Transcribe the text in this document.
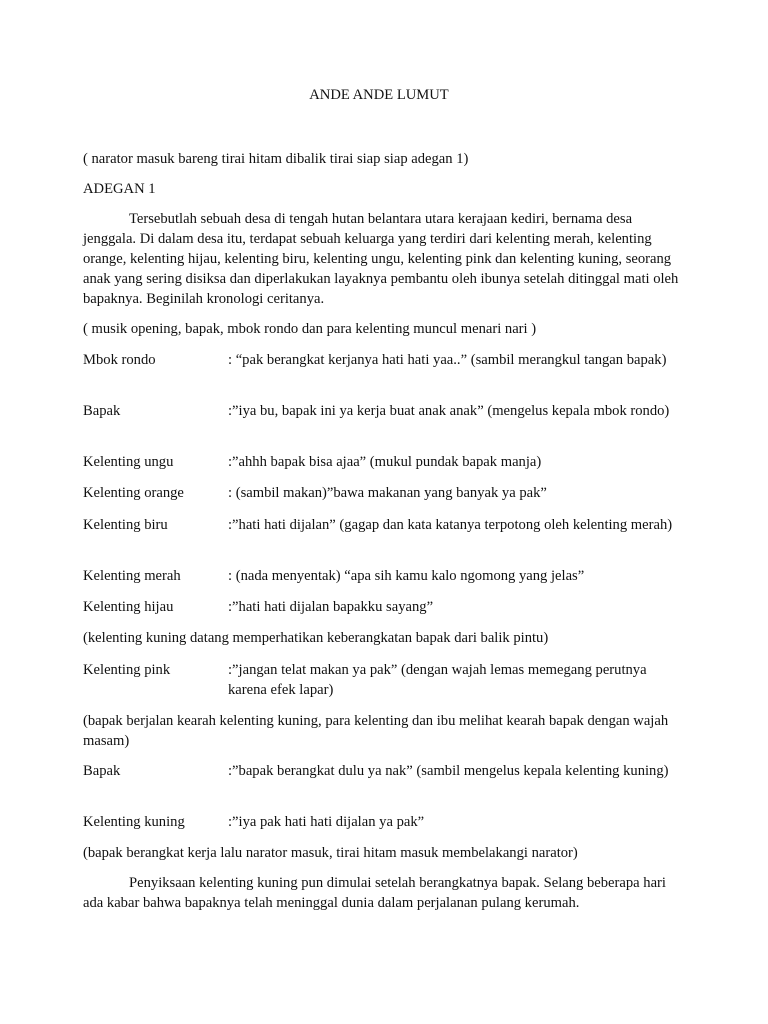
ANDE ANDE LUMUT
( narator masuk bareng tirai hitam dibalik tirai siap siap adegan 1)
ADEGAN 1
Tersebutlah sebuah desa di tengah hutan belantara utara kerajaan kediri, bernama desa jenggala. Di dalam desa itu, terdapat sebuah keluarga yang terdiri dari kelenting merah, kelenting orange, kelenting hijau, kelenting biru, kelenting ungu, kelenting pink dan kelenting kuning, seorang anak yang sering disiksa dan diperlakukan layaknya pembantu oleh ibunya setelah ditinggal mati oleh bapaknya. Beginilah kronologi ceritanya.
( musik opening, bapak, mbok rondo dan para kelenting muncul menari nari )
Mbok rondo	: “pak berangkat kerjanya hati hati yaa..” (sambil merangkul tangan bapak)
Bapak	:”iya bu, bapak ini ya kerja buat anak anak” (mengelus kepala mbok rondo)
Kelenting ungu	:”ahhh bapak bisa ajaa” (mukul pundak bapak manja)
Kelenting orange	: (sambil makan)”bawa makanan yang banyak ya pak”
Kelenting biru	:”hati hati dijalan” (gagap dan kata katanya terpotong oleh kelenting merah)
Kelenting merah	: (nada menyentak) “apa sih kamu kalo ngomong yang jelas”
Kelenting hijau	:”hati hati dijalan bapakku sayang”
(kelenting kuning datang memperhatikan keberangkatan bapak dari balik pintu)
Kelenting pink	:”jangan telat makan ya pak” (dengan wajah lemas memegang perutnya karena efek lapar)
(bapak berjalan kearah kelenting kuning, para kelenting dan ibu melihat kearah bapak dengan wajah masam)
Bapak	:”bapak berangkat dulu ya nak” (sambil mengelus kepala kelenting kuning)
Kelenting kuning	:”iya pak hati hati dijalan ya pak”
(bapak berangkat kerja lalu narator masuk, tirai hitam masuk membelakangi narator)
Penyiksaan kelenting kuning pun dimulai setelah berangkatnya bapak. Selang beberapa hari ada kabar bahwa bapaknya telah meninggal dunia dalam perjalanan pulang kerumah.
